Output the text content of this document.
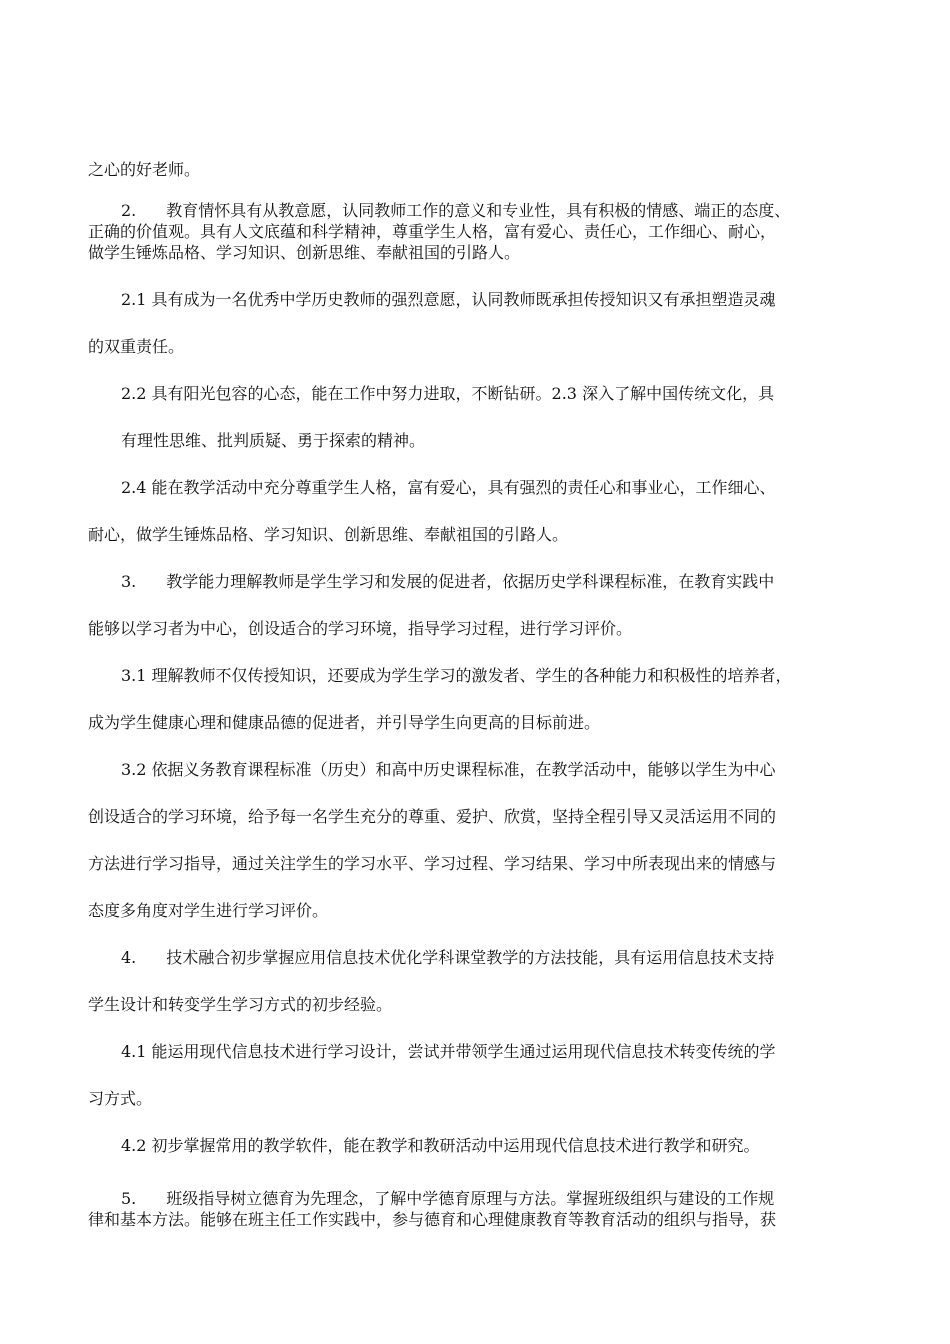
之心的好老师。
2. 教育情怀具有从教意愿，认同教师工作的意义和专业性，具有积极的情感、端正的态度、
正确的价值观。具有人文底蕴和科学精神，尊重学生人格，富有爱心、责任心，工作细心、耐心，
做学生锤炼品格、学习知识、创新思维、奉献祖国的引路人。
2.1 具有成为一名优秀中学历史教师的强烈意愿，认同教师既承担传授知识又有承担塑造灵魂
的双重责任。
2.2 具有阳光包容的心态，能在工作中努力进取，不断钻研。2.3 深入了解中国传统文化，具
有理性思维、批判质疑、勇于探索的精神。
2.4 能在教学活动中充分尊重学生人格，富有爱心，具有强烈的责任心和事业心，工作细心、
耐心，做学生锤炼品格、学习知识、创新思维、奉献祖国的引路人。
3. 教学能力理解教师是学生学习和发展的促进者，依据历史学科课程标准，在教育实践中
能够以学习者为中心，创设适合的学习环境，指导学习过程，进行学习评价。
3.1 理解教师不仅传授知识，还要成为学生学习的激发者、学生的各种能力和积极性的培养者，
成为学生健康心理和健康品德的促进者，并引导学生向更高的目标前进。
3.2 依据义务教育课程标准（历史）和高中历史课程标准，在教学活动中，能够以学生为中心
创设适合的学习环境，给予每一名学生充分的尊重、爱护、欣赏，坚持全程引导又灵活运用不同的
方法进行学习指导，通过关注学生的学习水平、学习过程、学习结果、学习中所表现出来的情感与
态度多角度对学生进行学习评价。
4. 技术融合初步掌握应用信息技术优化学科课堂教学的方法技能，具有运用信息技术支持
学生设计和转变学生学习方式的初步经验。
4.1 能运用现代信息技术进行学习设计，尝试并带领学生通过运用现代信息技术转变传统的学
习方式。
4.2 初步掌握常用的教学软件，能在教学和教研活动中运用现代信息技术进行教学和研究。
5. 班级指导树立德育为先理念，了解中学德育原理与方法。掌握班级组织与建设的工作规
律和基本方法。能够在班主任工作实践中，参与德育和心理健康教育等教育活动的组织与指导，获
